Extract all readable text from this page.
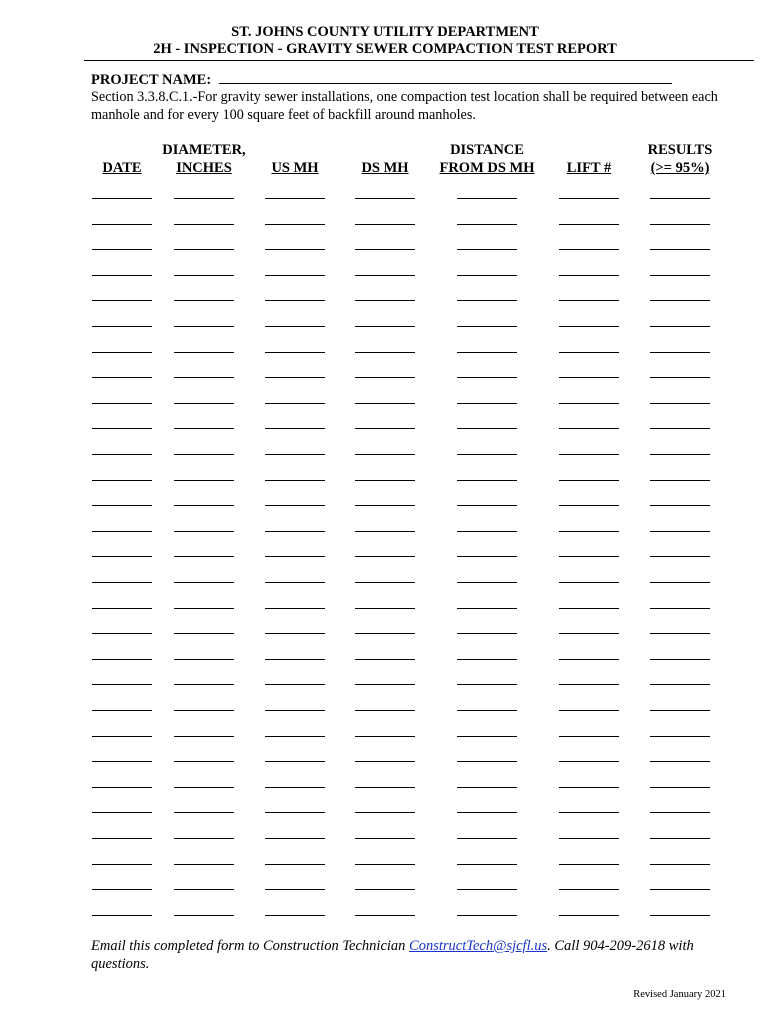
ST. JOHNS COUNTY UTILITY DEPARTMENT
2H - INSPECTION - GRAVITY SEWER COMPACTION TEST REPORT
PROJECT NAME:
Section 3.3.8.C.1.-For gravity sewer installations, one compaction test location shall be required between each manhole and for every 100 square feet of backfill around manholes.

DATE
DIAMETER,
INCHES
	US MH
	DS MH
DISTANCE
FROM DS MH
LIFT #
RESULTS
(>= 95%)
Email this completed form to Construction Technician ConstructTech@sjcfl.us. Call 904-209-2618 with questions.
Revised January 2021
